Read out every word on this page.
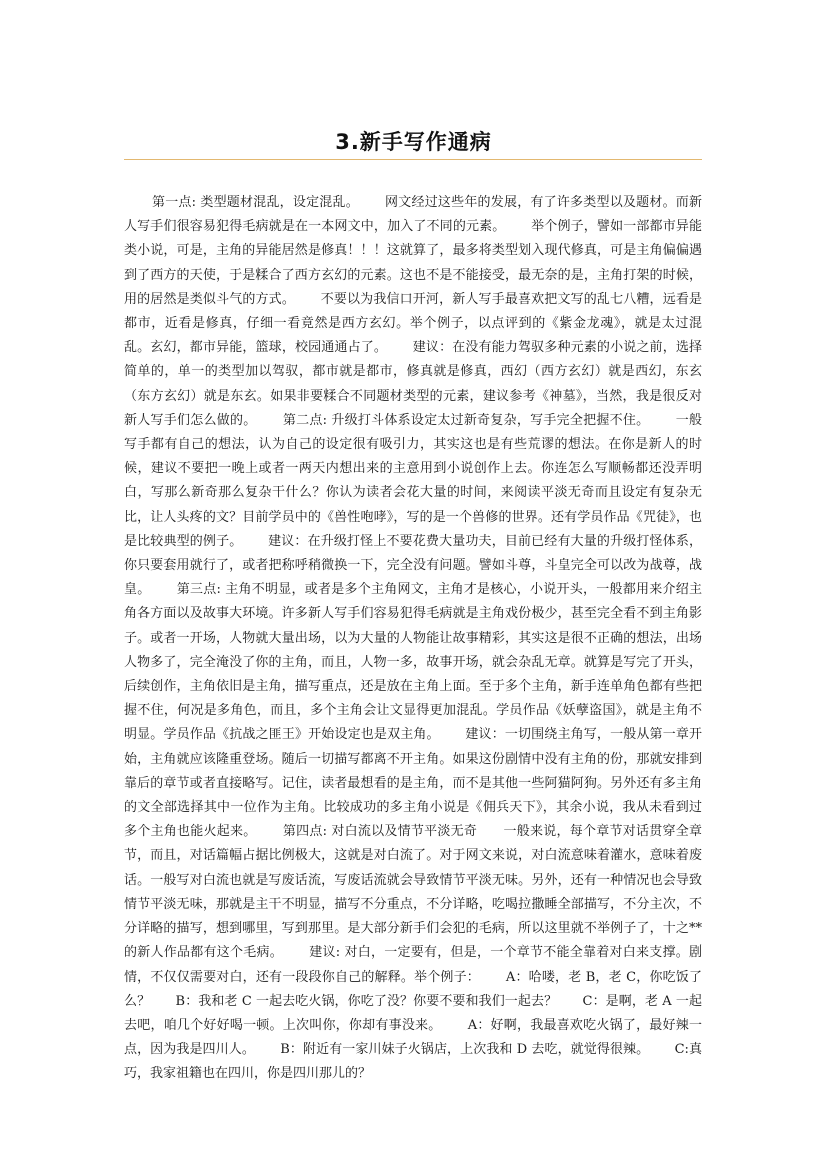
3.新手写作通病

第一点: 类型题材混乱，设定混乱。      网文经过这些年的发展，有了许多类型以及题材。而新人写手们很容易犯得毛病就是在一本网文中，加入了不同的元素。      举个例子，譬如一部都市异能类小说，可是，主角的异能居然是修真！！！这就算了，最多将类型划入现代修真，可是主角偏偏遇到了西方的天使，于是糅合了西方玄幻的元素。这也不是不能接受，最无奈的是，主角打架的时候，用的居然是类似斗气的方式。      不要以为我信口开河，新人写手最喜欢把文写的乱七八糟，远看是都市，近看是修真，仔细一看竟然是西方玄幻。举个例子，以点评到的《紫金龙魂》，就是太过混乱。玄幻，都市异能，篮球，校园通通占了。      建议：在没有能力驾驭多种元素的小说之前，选择简单的，单一的类型加以驾驭，都市就是都市，修真就是修真，西幻（西方玄幻）就是西幻，东玄（东方玄幻）就是东玄。如果非要糅合不同题材类型的元素，建议参考《神墓》，当然，我是很反对新人写手们怎么做的。      第二点: 升级打斗体系设定太过新奇复杂，写手完全把握不住。      一般写手都有自己的想法，认为自己的设定很有吸引力，其实这也是有些荒谬的想法。在你是新人的时候，建议不要把一晚上或者一两天内想出来的主意用到小说创作上去。你连怎么写顺畅都还没弄明白，写那么新奇那么复杂干什么？你认为读者会花大量的时间，来阅读平淡无奇而且设定有复杂无比，让人头疼的文？目前学员中的《兽性咆哮》，写的是一个兽修的世界。还有学员作品《咒徒》，也是比较典型的例子。      建议：在升级打怪上不要花费大量功夫，目前已经有大量的升级打怪体系，你只要套用就行了，或者把称呼稍微换一下，完全没有问题。譬如斗尊，斗皇完全可以改为战尊，战皇。      第三点: 主角不明显，或者是多个主角网文，主角才是核心，小说开头，一般都用来介绍主角各方面以及故事大环境。许多新人写手们容易犯得毛病就是主角戏份极少，甚至完全看不到主角影子。或者一开场，人物就大量出场，以为大量的人物能让故事精彩，其实这是很不正确的想法，出场人物多了，完全淹没了你的主角，而且，人物一多，故事开场，就会杂乱无章。就算是写完了开头，后续创作，主角依旧是主角，描写重点，还是放在主角上面。至于多个主角，新手连单角色都有些把握不住，何况是多角色，而且，多个主角会让文显得更加混乱。学员作品《妖孽盗国》，就是主角不明显。学员作品《抗战之匪王》开始设定也是双主角。      建议：一切围绕主角写，一般从第一章开始，主角就应该隆重登场。随后一切描写都离不开主角。如果这份剧情中没有主角的份，那就安排到靠后的章节或者直接略写。记住，读者最想看的是主角，而不是其他一些阿猫阿狗。另外还有多主角的文全部选择其中一位作为主角。比较成功的多主角小说是《佣兵天下》，其余小说，我从未看到过多个主角也能火起来。      第四点: 对白流以及情节平淡无奇      一般来说，每个章节对话贯穿全章节，而且，对话篇幅占据比例极大，这就是对白流了。对于网文来说，对白流意味着灌水，意味着废话。一般写对白流也就是写废话流，写废话流就会导致情节平淡无味。另外，还有一种情况也会导致情节平淡无味，那就是主干不明显，描写不分重点，不分详略，吃喝拉撒睡全部描写，不分主次，不分详略的描写，想到哪里，写到那里。是大部分新手们会犯的毛病，所以这里就不举例子了，十之**的新人作品都有这个毛病。      建议: 对白，一定要有，但是，一个章节不能全靠着对白来支撑。剧情，不仅仅需要对白，还有一段段你自己的解释。举个例子：      A：哈喽，老 B，老 C，你吃饭了么？      B：我和老 C 一起去吃火锅，你吃了没？你要不要和我们一起去？      C：是啊，老 A 一起去吧，咱几个好好喝一顿。上次叫你，你却有事没来。      A：好啊，我最喜欢吃火锅了，最好辣一点，因为我是四川人。      B：附近有一家川妹子火锅店，上次我和 D 去吃，就觉得很辣。      C:真巧，我家祖籍也在四川，你是四川那儿的？
